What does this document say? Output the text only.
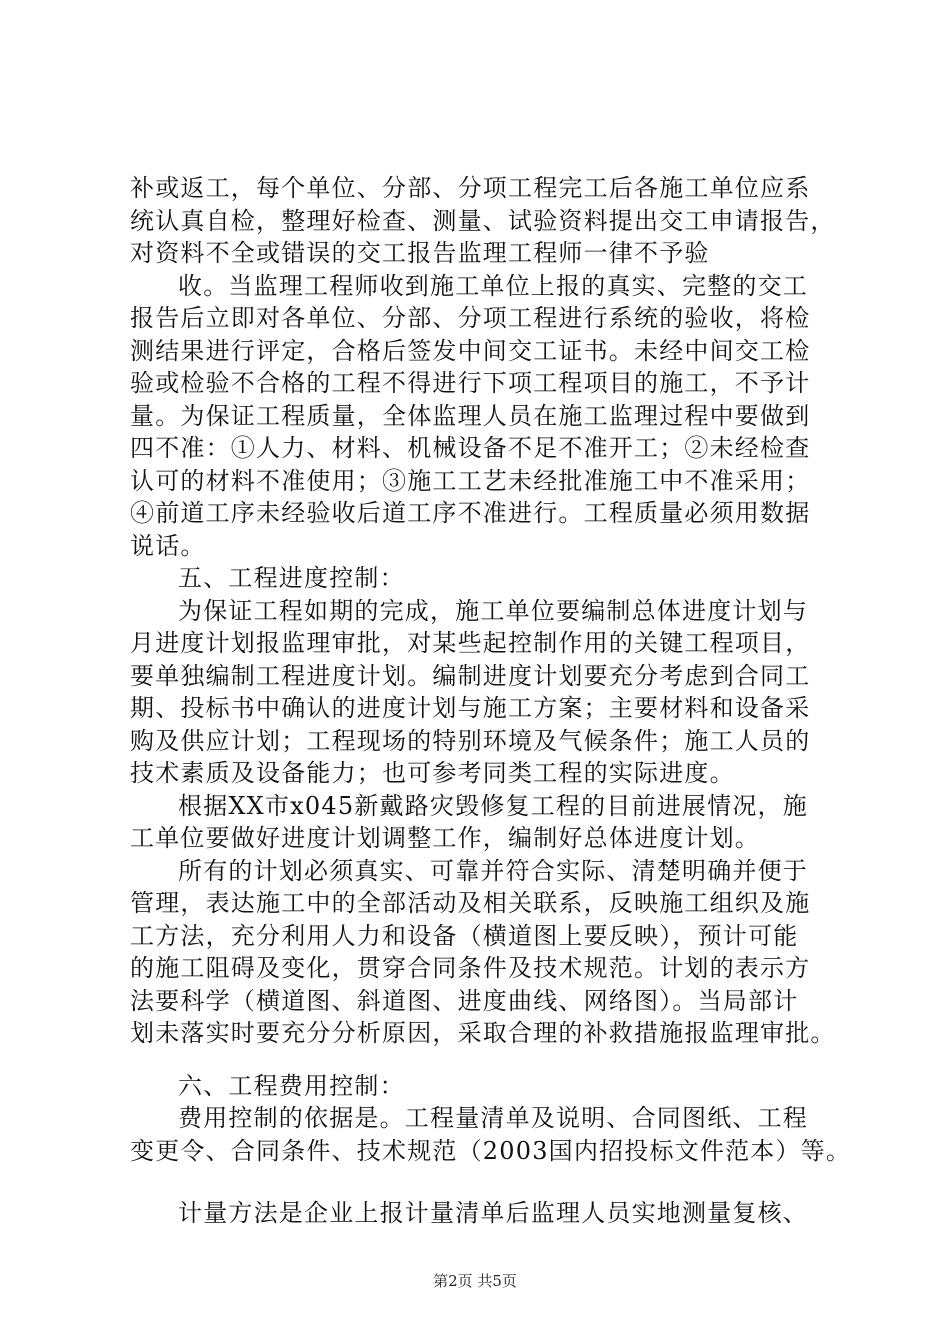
补或返工，每个单位、分部、分项工程完工后各施工单位应系
统认真自检，整理好检查、测量、试验资料提出交工申请报告，
对资料不全或错误的交工报告监理工程师一律不予验
收。当监理工程师收到施工单位上报的真实、完整的交工
报告后立即对各单位、分部、分项工程进行系统的验收，将检
测结果进行评定，合格后签发中间交工证书。未经中间交工检
验或检验不合格的工程不得进行下项工程项目的施工，不予计
量。为保证工程质量，全体监理人员在施工监理过程中要做到
四不准：①人力、材料、机械设备不足不准开工；②未经检查
认可的材料不准使用；③施工工艺未经批准施工中不准采用；
④前道工序未经验收后道工序不准进行。工程质量必须用数据
说话。
五、工程进度控制：
为保证工程如期的完成，施工单位要编制总体进度计划与
月进度计划报监理审批，对某些起控制作用的关键工程项目，
要单独编制工程进度计划。编制进度计划要充分考虑到合同工
期、投标书中确认的进度计划与施工方案；主要材料和设备采
购及供应计划；工程现场的特别环境及气候条件；施工人员的
技术素质及设备能力；也可参考同类工程的实际进度。
根据XX市x045新戴路灾毁修复工程的目前进展情况，施
工单位要做好进度计划调整工作，编制好总体进度计划。
所有的计划必须真实、可靠并符合实际、清楚明确并便于
管理，表达施工中的全部活动及相关联系，反映施工组织及施
工方法，充分利用人力和设备（横道图上要反映），预计可能
的施工阻碍及变化，贯穿合同条件及技术规范。计划的表示方
法要科学（横道图、斜道图、进度曲线、网络图）。当局部计
划未落实时要充分分析原因，采取合理的补救措施报监理审批。
六、工程费用控制：
费用控制的依据是。工程量清单及说明、合同图纸、工程
变更令、合同条件、技术规范（2003国内招投标文件范本）等。
计量方法是企业上报计量清单后监理人员实地测量复核、
第2页 共5页
